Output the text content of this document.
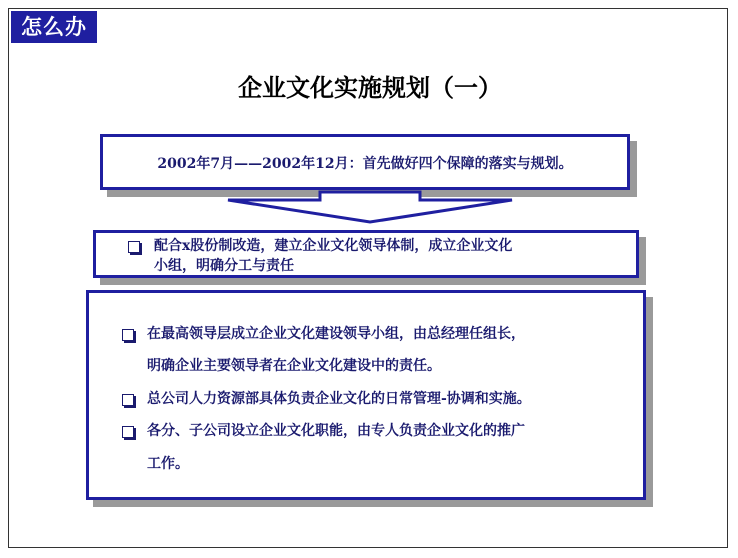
怎么办
企业文化实施规划（一）
2002年7月——2002年12月：首先做好四个保障的落实与规划。
配合x股份制改造，建立企业文化领导体制，成立企业文化
小组，明确分工与责任
在最高领导层成立企业文化建设领导小组，由总经理任组长，
明确企业主要领导者在企业文化建设中的责任。
总公司人力资源部具体负责企业文化的日常管理-协调和实施。
各分、子公司设立企业文化职能，由专人负责企业文化的推广
工作。
